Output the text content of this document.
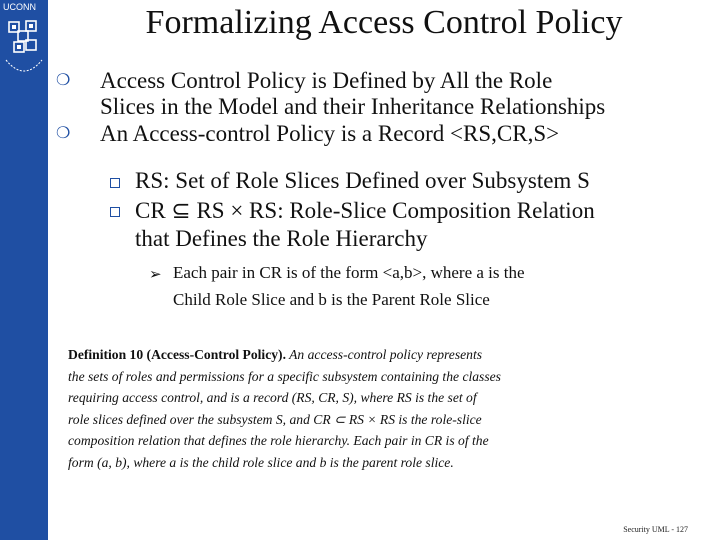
UCONN	Formalizing Access Control Policy
❍ Access Control Policy is Defined by All the Role
Slices in the Model and their Inheritance Relationships
❍ An Access-control Policy is a Record <RS,CR,S>
RS: Set of Role Slices Defined over Subsystem S
CR ⊆ RS × RS: Role-Slice Composition Relation
that Defines the Role Hierarchy
➢ Each pair in CR is of the form <a,b>, where a is the
Child Role Slice and b is the Parent Role Slice
Definition 10 (Access-Control Policy). An access-control policy represents
the sets of roles and permissions for a specific subsystem containing the classes
requiring access control, and is a record (RS, CR, S), where RS is the set of
role slices defined over the subsystem S, and CR ⊂ RS × RS is the role-slice
composition relation that defines the role hierarchy. Each pair in CR is of the
form (a, b), where a is the child role slice and b is the parent role slice.
Security UML - 127
